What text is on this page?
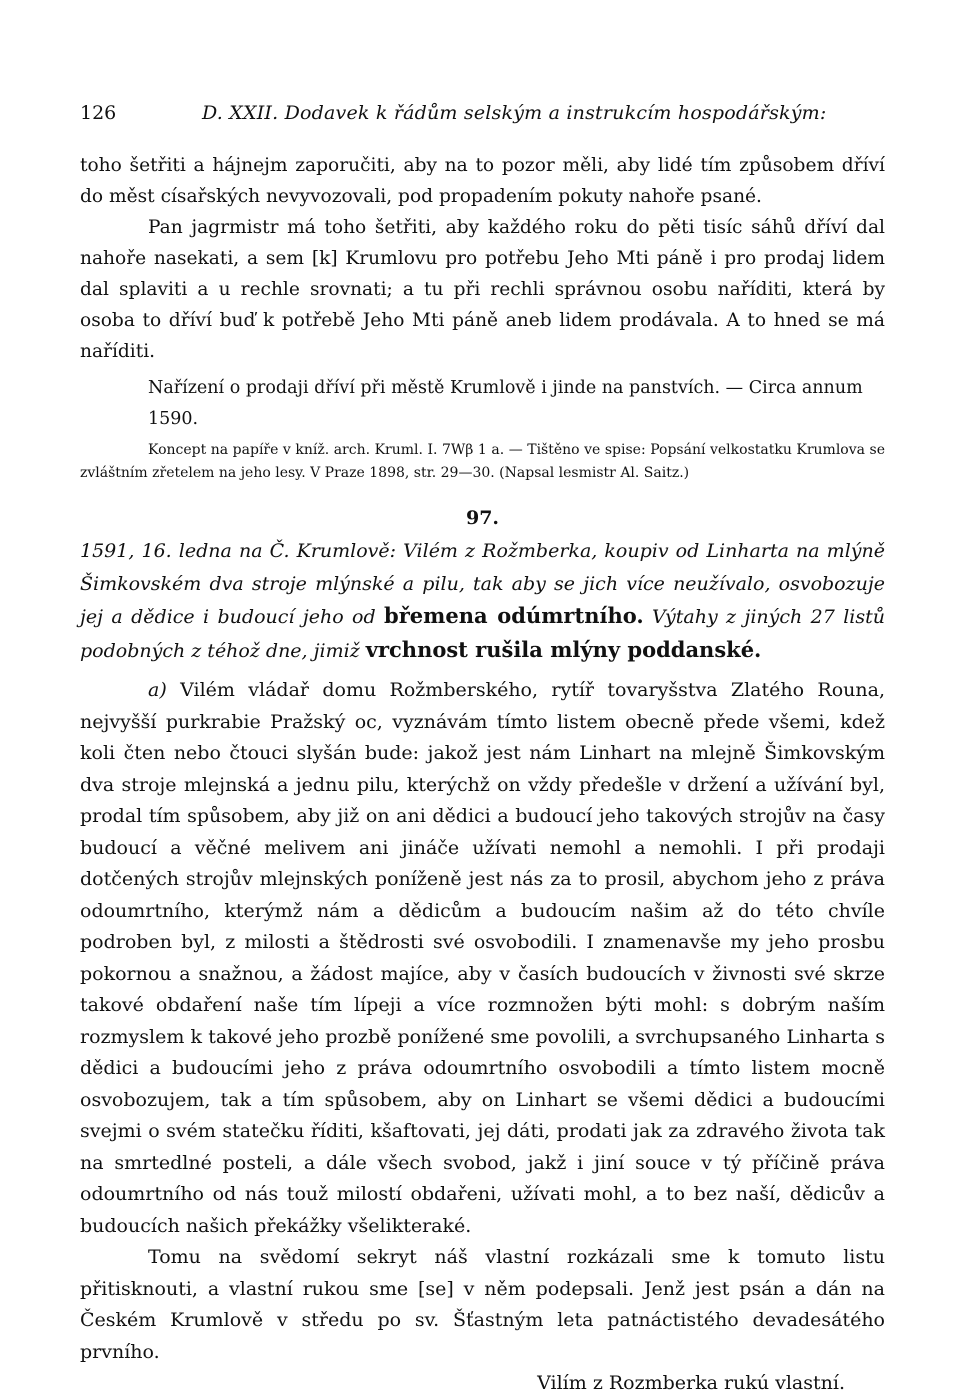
126	D. XXII. Dodavek k řádům selským a instrukcím hospodářským:

toho šetřiti a hájnejm zaporučiti, aby na to pozor měli, aby lidé tím způsobem dříví do měst císařských nevyvozovali, pod propadením pokuty nahoře psané.

Pan jagrmistr má toho šetřiti, aby každého roku do pěti tisíc sáhů dříví dal nahoře nasekati, a sem [k] Krumlovu pro potřebu Jeho Mti páně i pro prodaj lidem dal splaviti a u rechle srovnati; a tu při rechli správnou osobu naříditi, která by osoba to dříví buď k potřebě Jeho Mti páně aneb lidem prodávala. A to hned se má naříditi.

Nařízení o prodaji dříví při městě Krumlově i jinde na panstvích. — Circa annum 1590.

Koncept na papíře v kníž. arch. Kruml. I. 7Wβ 1 a. — Tištěno ve spise: Popsání velkostatku Krumlova se zvláštním zřetelem na jeho lesy. V Praze 1898, str. 29—30. (Napsal lesmistr Al. Saitz.)

97.
1591, 16. ledna na Č. Krumlově: Vilém z Rožmberka, koupiv od Linharta na mlýně Šimkovském dva stroje mlýnské a pilu, tak aby se jich více neužívalo, osvobozuje jej a dědice i budoucí jeho od břemena odúmrtního. Výtahy z jiných 27 listů podobných z téhož dne, jimiž vrchnost rušila mlýny poddanské.

a) Vilém vládař domu Rožmberského, rytíř tovaryšstva Zlatého Rouna, nejvyšší purkrabie Pražský oc, vyznávám tímto listem obecně přede všemi, kdež koli čten nebo čtouci slyšán bude: jakož jest nám Linhart na mlejně Šimkovským dva stroje mlejnská a jednu pilu, kterýchž on vždy předešle v držení a užívání byl, prodal tím spůsobem, aby již on ani dědici a budoucí jeho takových strojův na časy budoucí a věčné melivem ani jináče užívati nemohl a nemohli. I při prodaji dotčených strojův mlejnských poníženě jest nás za to prosil, abychom jeho z práva odoumrtního, kterýmž nám a dědicům a budoucím našim až do této chvíle podroben byl, z milosti a štědrosti své osvobodili. I znamenavše my jeho prosbu pokornou a snažnou, a žádost majíce, aby v časích budoucích v živnosti své skrze takové obdaření naše tím lípeji a více rozmnožen býti mohl: s dobrým naším rozmyslem k takové jeho prozbě ponížené sme povolili, a svrchupsaného Linharta s dědici a budoucími jeho z práva odoumrtního osvobodili a tímto listem mocně osvobozujem, tak a tím spůsobem, aby on Linhart se všemi dědici a budoucími svejmi o svém statečku říditi, kšaftovati, jej dáti, prodati jak za zdravého života tak na smrtedlné posteli, a dále všech svobod, jakž i jiní souce v tý příčině práva odoumrtního od nás touž milostí obdařeni, užívati mohl, a to bez naší, dědicův a budoucích našich překážky všelikteraké.

Tomu na svědomí sekryt náš vlastní rozkázali sme k tomuto listu přitisknouti, a vlastní rukou sme [se] v něm podepsali. Jenž jest psán a dán na Českém Krumlově v středu po sv. Šťastným leta patnáctistého devadesátého prvního.

Vilím z Rozmberka rukú vlastní.
